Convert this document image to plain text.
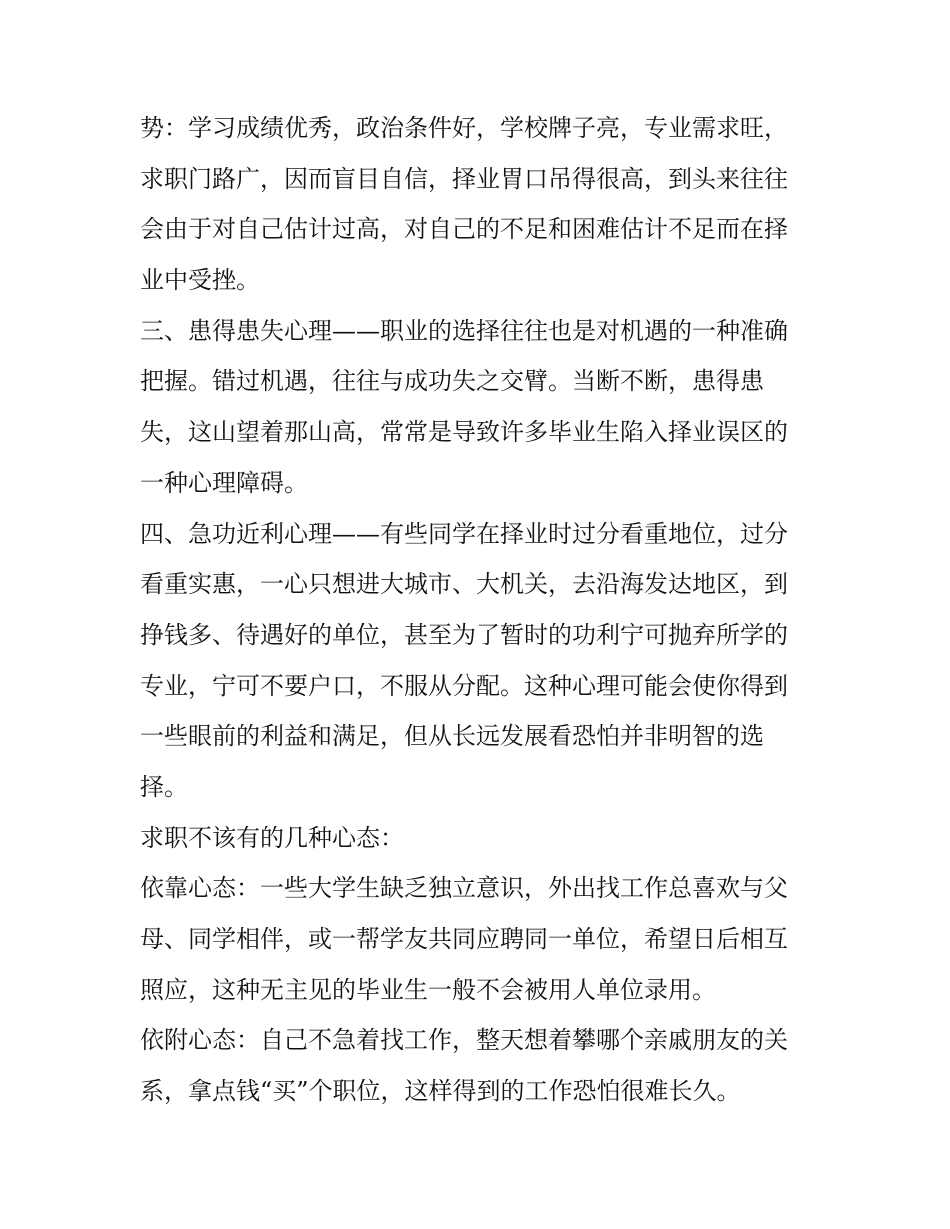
势：学习成绩优秀，政治条件好，学校牌子亮，专业需求旺，
求职门路广，因而盲目自信，择业胃口吊得很高，到头来往往
会由于对自己估计过高，对自己的不足和困难估计不足而在择
业中受挫。
三、患得患失心理——职业的选择往往也是对机遇的一种准确
把握。错过机遇，往往与成功失之交臂。当断不断，患得患
失，这山望着那山高，常常是导致许多毕业生陷入择业误区的
一种心理障碍。
四、急功近利心理——有些同学在择业时过分看重地位，过分
看重实惠，一心只想进大城市、大机关，去沿海发达地区，到
挣钱多、待遇好的单位，甚至为了暂时的功利宁可抛弃所学的
专业，宁可不要户口，不服从分配。这种心理可能会使你得到
一些眼前的利益和满足，但从长远发展看恐怕并非明智的选
择。
求职不该有的几种心态：
依靠心态：一些大学生缺乏独立意识，外出找工作总喜欢与父
母、同学相伴，或一帮学友共同应聘同一单位，希望日后相互
照应，这种无主见的毕业生一般不会被用人单位录用。
依附心态：自己不急着找工作，整天想着攀哪个亲戚朋友的关
系，拿点钱“买”个职位，这样得到的工作恐怕很难长久。
